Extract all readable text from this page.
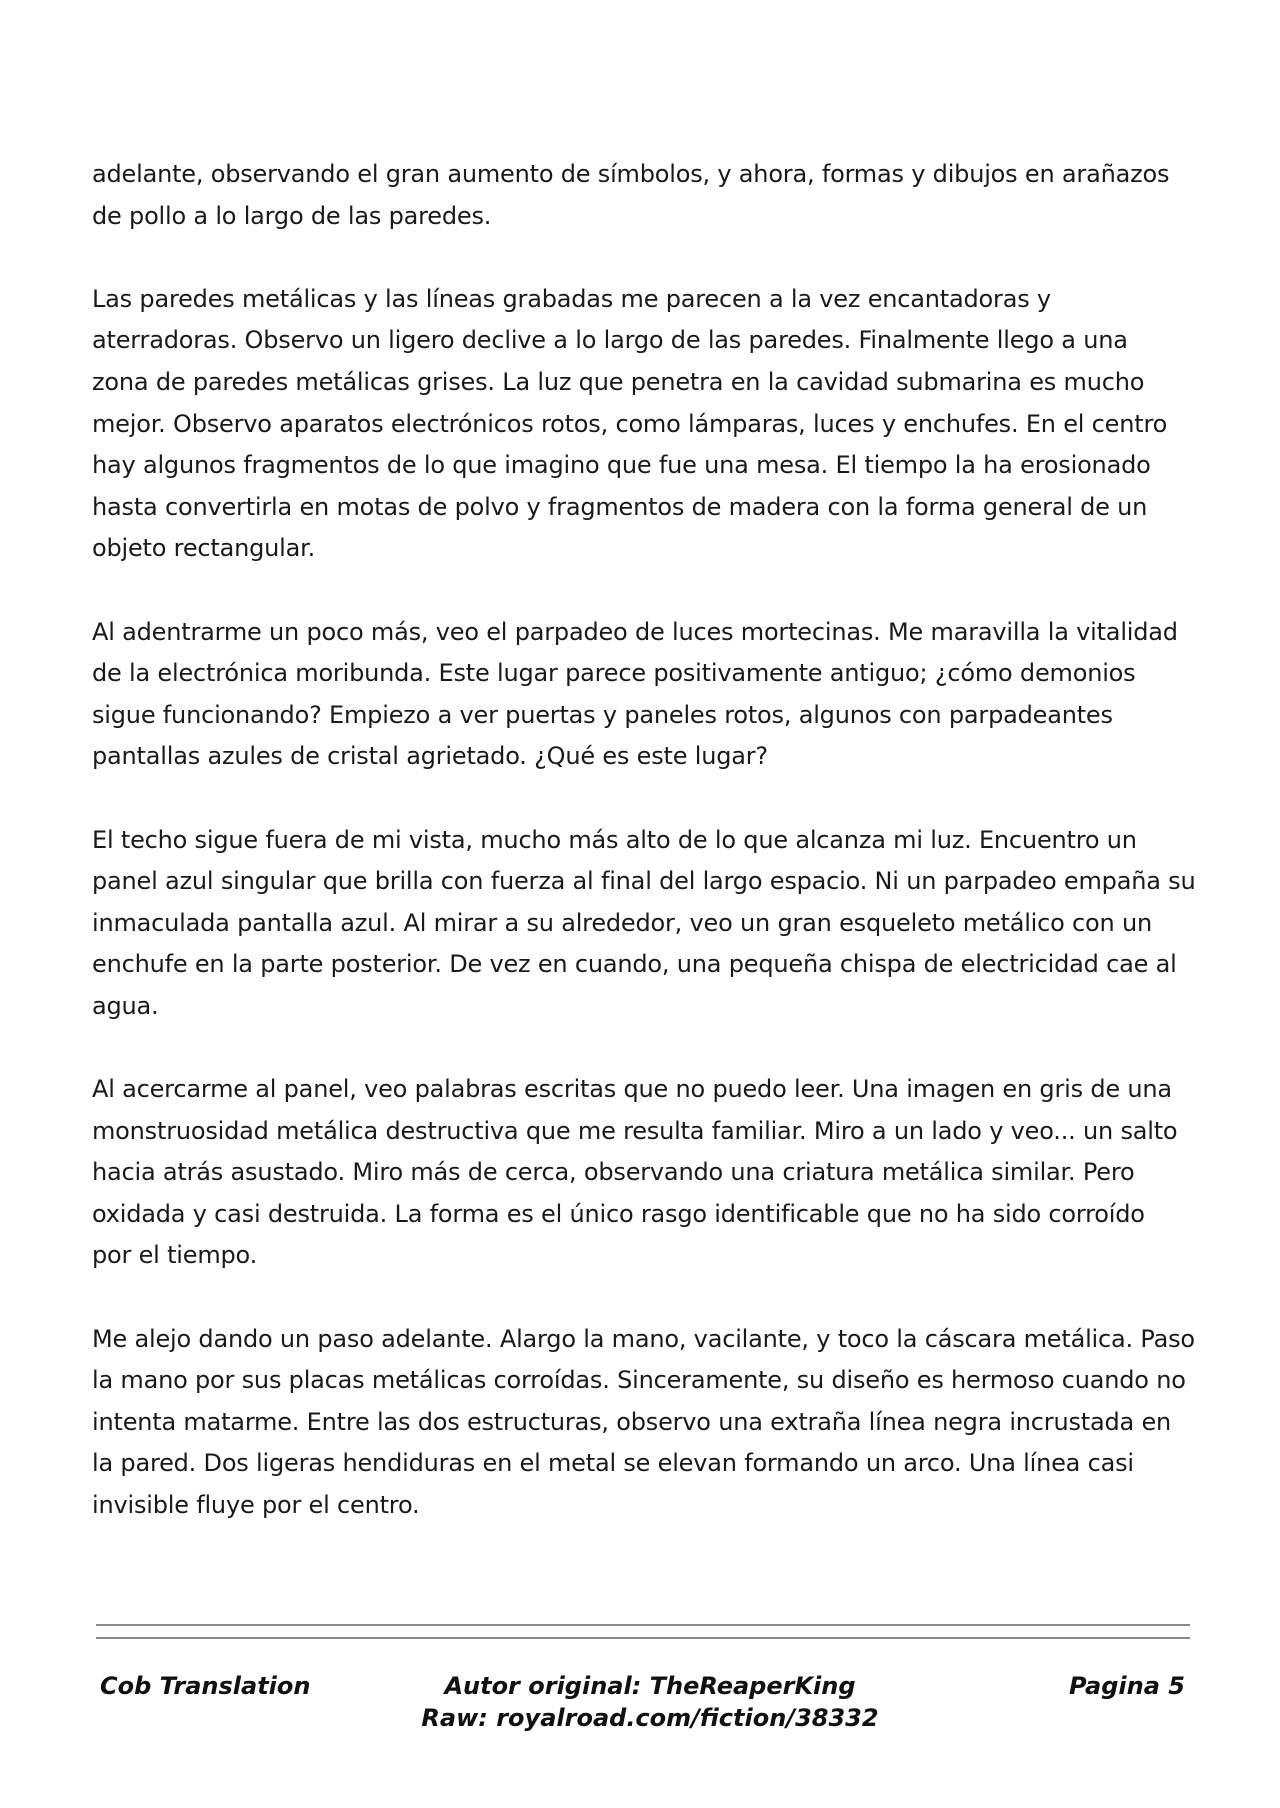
adelante, observando el gran aumento de símbolos, y ahora, formas y dibujos en arañazos
de pollo a lo largo de las paredes.

Las paredes metálicas y las líneas grabadas me parecen a la vez encantadoras y
aterradoras. Observo un ligero declive a lo largo de las paredes. Finalmente llego a una
zona de paredes metálicas grises. La luz que penetra en la cavidad submarina es mucho
mejor. Observo aparatos electrónicos rotos, como lámparas, luces y enchufes. En el centro
hay algunos fragmentos de lo que imagino que fue una mesa. El tiempo la ha erosionado
hasta convertirla en motas de polvo y fragmentos de madera con la forma general de un
objeto rectangular.

Al adentrarme un poco más, veo el parpadeo de luces mortecinas. Me maravilla la vitalidad
de la electrónica moribunda. Este lugar parece positivamente antiguo; ¿cómo demonios
sigue funcionando? Empiezo a ver puertas y paneles rotos, algunos con parpadeantes
pantallas azules de cristal agrietado. ¿Qué es este lugar?

El techo sigue fuera de mi vista, mucho más alto de lo que alcanza mi luz. Encuentro un
panel azul singular que brilla con fuerza al final del largo espacio. Ni un parpadeo empaña su
inmaculada pantalla azul. Al mirar a su alrededor, veo un gran esqueleto metálico con un
enchufe en la parte posterior. De vez en cuando, una pequeña chispa de electricidad cae al
agua.

Al acercarme al panel, veo palabras escritas que no puedo leer. Una imagen en gris de una
monstruosidad metálica destructiva que me resulta familiar. Miro a un lado y veo... un salto
hacia atrás asustado. Miro más de cerca, observando una criatura metálica similar. Pero
oxidada y casi destruida. La forma es el único rasgo identificable que no ha sido corroído
por el tiempo.

Me alejo dando un paso adelante. Alargo la mano, vacilante, y toco la cáscara metálica. Paso
la mano por sus placas metálicas corroídas. Sinceramente, su diseño es hermoso cuando no
intenta matarme. Entre las dos estructuras, observo una extraña línea negra incrustada en
la pared. Dos ligeras hendiduras en el metal se elevan formando un arco. Una línea casi
invisible fluye por el centro.

Cob Translation	Autor original: TheReaperKing
Raw: royalroad.com/fiction/38332
Pagina 5
